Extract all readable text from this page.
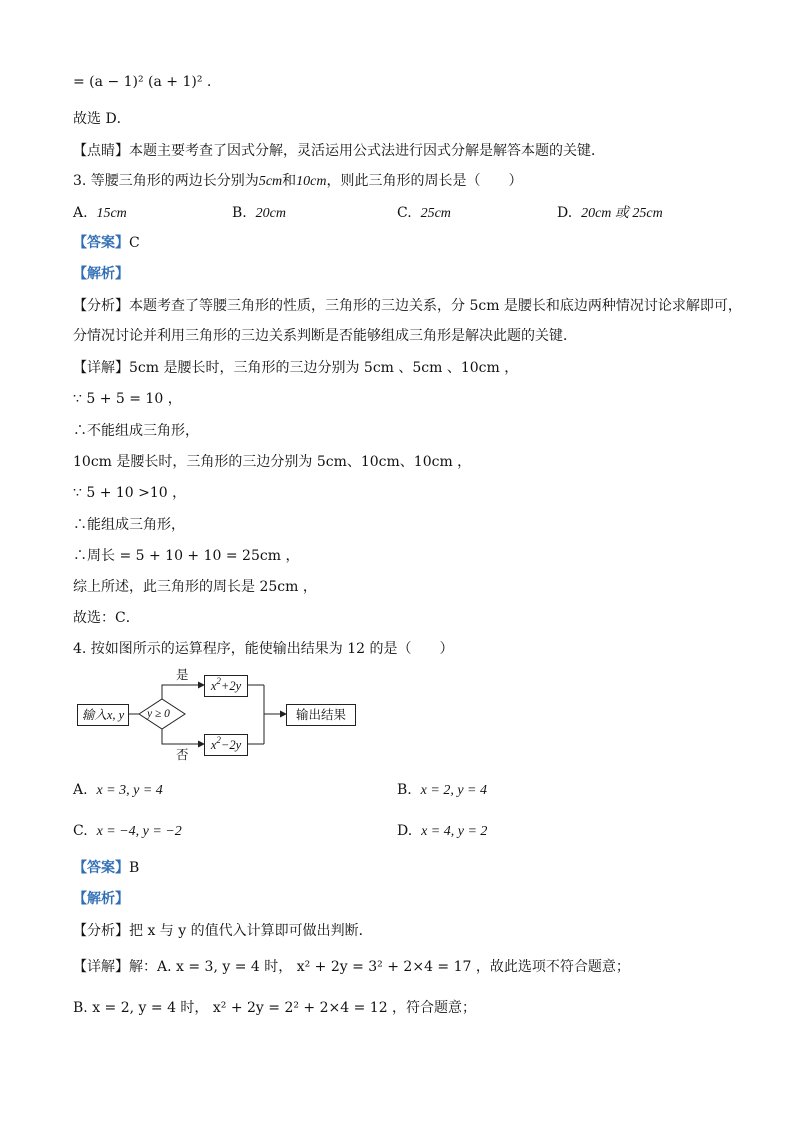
= (a − 1)² (a + 1)² .
故选 D．
【点睛】本题主要考查了因式分解，灵活运用公式法进行因式分解是解答本题的关键．
3. 等腰三角形的两边长分别为5cm和10cm，则此三角形的周长是（　　）
A. 15cm	B. 20cm	C. 25cm	D. 20cm 或 25cm
【答案】C
【解析】
【分析】本题考查了等腰三角形的性质，三角形的三边关系，分 5cm 是腰长和底边两种情况讨论求解即可，
分情况讨论并利用三角形的三边关系判断是否能够组成三角形是解决此题的关键．
【详解】5cm 是腰长时，三角形的三边分别为 5cm 、5cm 、10cm ，
∵ 5 + 5 = 10 ，
∴不能组成三角形，
10cm 是腰长时，三角形的三边分别为 5cm、10cm、10cm ，
∵ 5 + 10 >10 ，
∴能组成三角形，
∴周长 = 5 + 10 + 10 = 25cm ，
综上所述，此三角形的周长是 25cm ，
故选：C．
4. 按如图所示的运算程序，能使输出结果为 12 的是（　　）
输入x, y	y ≥ 0
是
否
$x^2+2y$
$x^2-2y$
输出结果
A. x = 3, y = 4	B. x = 2, y = 4
C. x = −4, y = −2	D. x = 4, y = 2
【答案】B
【解析】
【分析】把 x 与 y 的值代入计算即可做出判断．
【详解】解：A. x = 3, y = 4 时， x² + 2y = 3² + 2×4 = 17 ，故此选项不符合题意；
B. x = 2, y = 4 时， x² + 2y = 2² + 2×4 = 12 ，符合题意；
